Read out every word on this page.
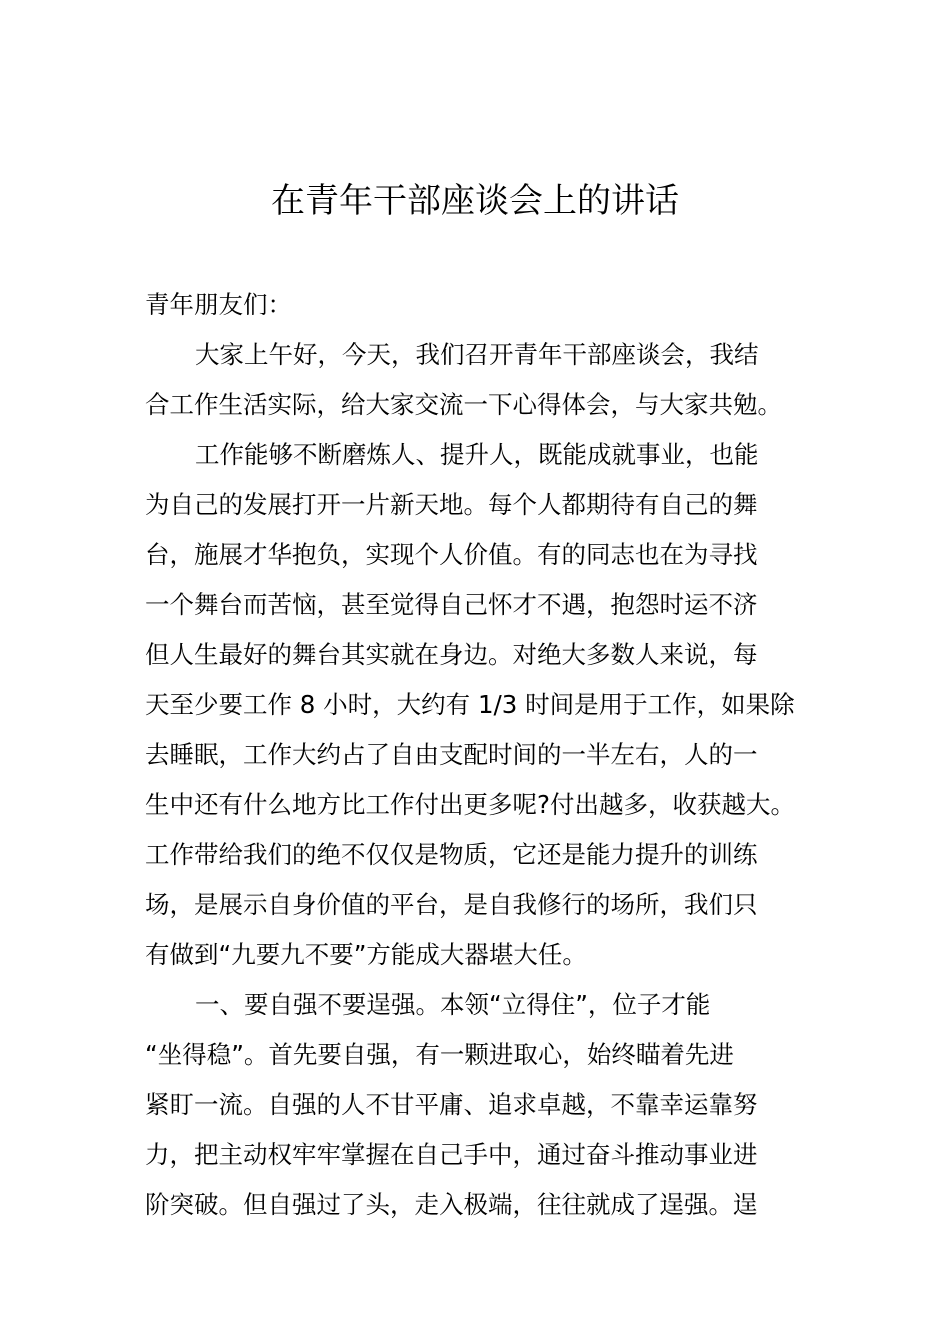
在青年干部座谈会上的讲话
青年朋友们：
大家上午好，今天，我们召开青年干部座谈会，我结
合工作生活实际，给大家交流一下心得体会，与大家共勉。
工作能够不断磨炼人、提升人，既能成就事业，也能
为自己的发展打开一片新天地。每个人都期待有自己的舞
台，施展才华抱负，实现个人价值。有的同志也在为寻找
一个舞台而苦恼，甚至觉得自己怀才不遇，抱怨时运不济
但人生最好的舞台其实就在身边。对绝大多数人来说，每
天至少要工作 8 小时，大约有 1/3 时间是用于工作，如果除
去睡眠，工作大约占了自由支配时间的一半左右，人的一
生中还有什么地方比工作付出更多呢?付出越多，收获越大。
工作带给我们的绝不仅仅是物质，它还是能力提升的训练
场，是展示自身价值的平台，是自我修行的场所，我们只
有做到“九要九不要”方能成大器堪大任。
一、要自强不要逞强。本领“立得住”，位子才能
“坐得稳”。首先要自强，有一颗进取心，始终瞄着先进
紧盯一流。自强的人不甘平庸、追求卓越，不靠幸运靠努
力，把主动权牢牢掌握在自己手中，通过奋斗推动事业进
阶突破。但自强过了头，走入极端，往往就成了逞强。逞
